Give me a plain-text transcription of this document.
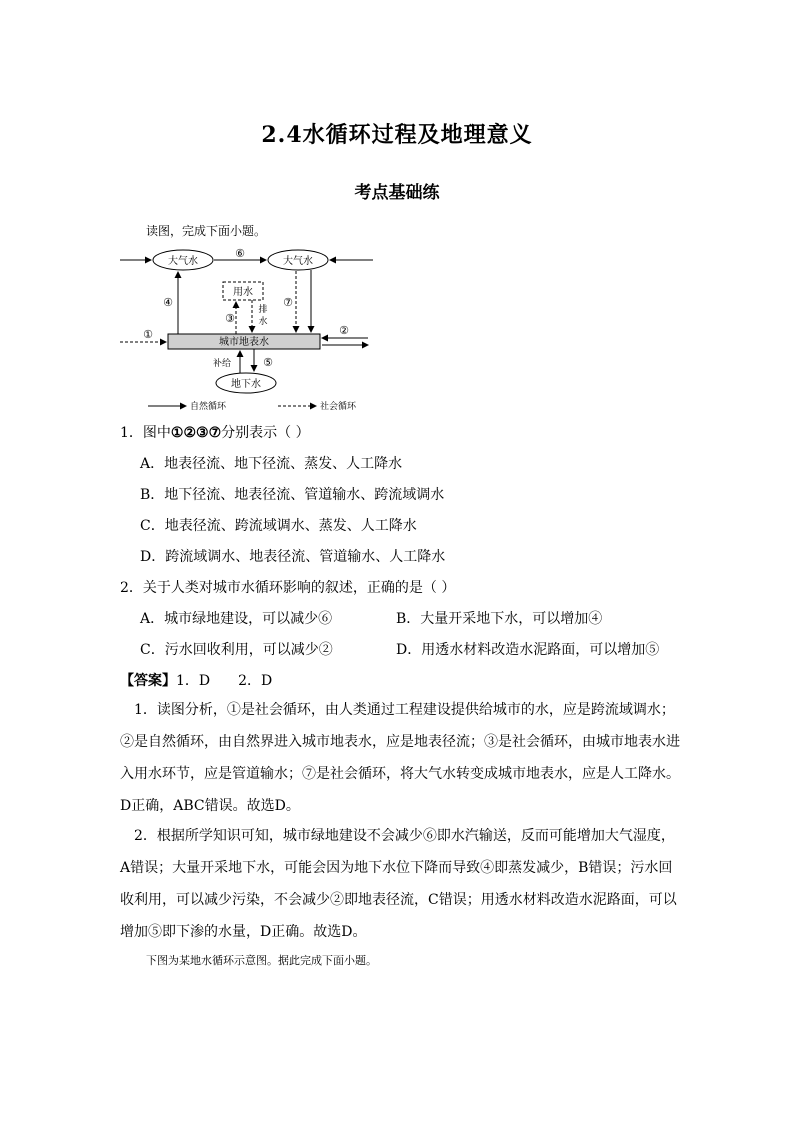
2.4水循环过程及地理意义
考点基础练
读图，完成下面小题。
大气水	大气水
⑥
用水
城市地表水
④	⑦
③
排
水
①	②
地下水
补给	⑤
自然循环	社会循环
1．图中①②③⑦分别表示（ ）
A．地表径流、地下径流、蒸发、人工降水
B．地下径流、地表径流、管道输水、跨流域调水
C．地表径流、跨流域调水、蒸发、人工降水
D．跨流域调水、地表径流、管道输水、人工降水
2．关于人类对城市水循环影响的叙述，正确的是（ ）
A．城市绿地建设，可以减少⑥	B．大量开采地下水，可以增加④
C．污水回收利用，可以减少②	D．用透水材料改造水泥路面，可以增加⑤
【答案】1．D　　2．D
1．读图分析，①是社会循环，由人类通过工程建设提供给城市的水，应是跨流域调水；②是自然循环，由自然界进入城市地表水，应是地表径流；③是社会循环，由城市地表水进入用水环节，应是管道输水；⑦是社会循环，将大气水转变成城市地表水，应是人工降水。D正确，ABC错误。故选D。
2．根据所学知识可知，城市绿地建设不会减少⑥即水汽输送，反而可能增加大气湿度，A错误；大量开采地下水，可能会因为地下水位下降而导致④即蒸发减少，B错误；污水回收利用，可以减少污染，不会减少②即地表径流，C错误；用透水材料改造水泥路面，可以增加⑤即下渗的水量，D正确。故选D。
下图为某地水循环示意图。据此完成下面小题。
